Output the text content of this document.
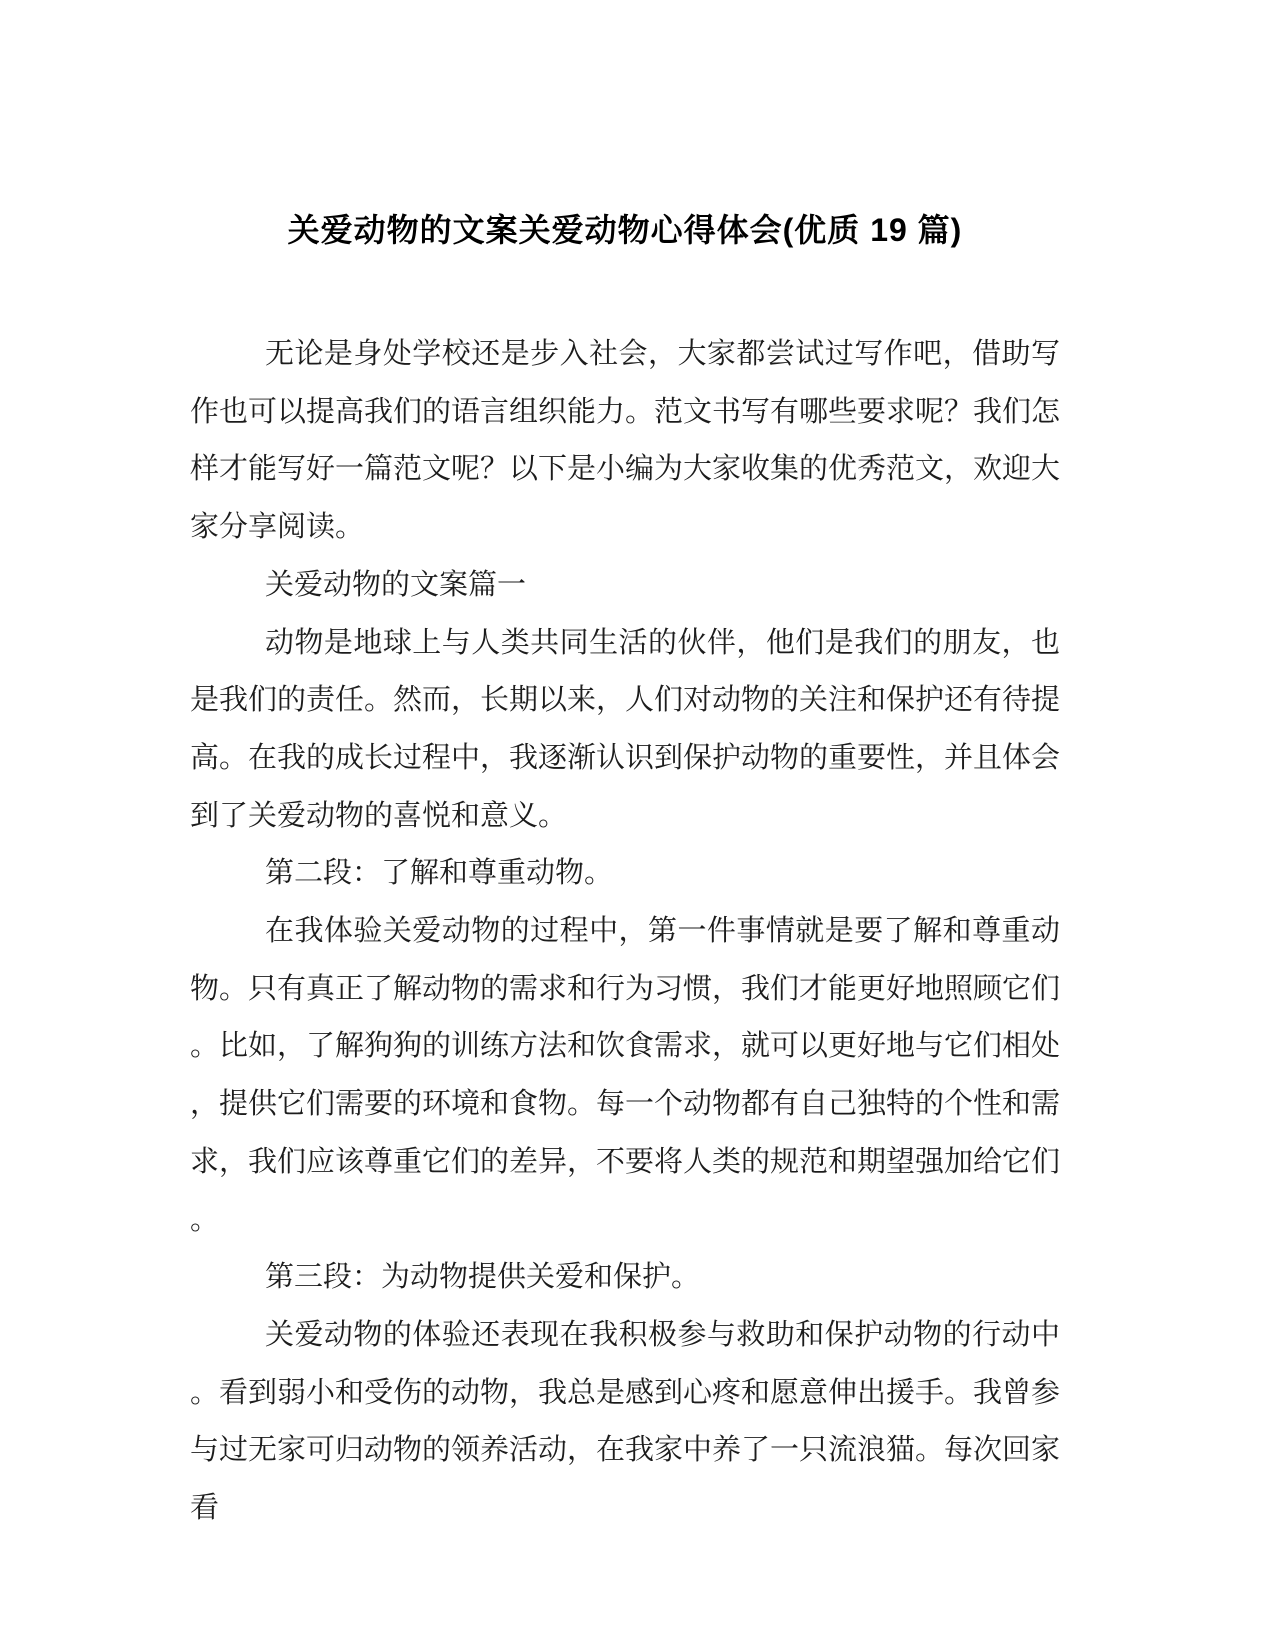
关爱动物的文案关爱动物心得体会(优质 19 篇)

无论是身处学校还是步入社会，大家都尝试过写作吧，借助写作也可以提高我们的语言组织能力。范文书写有哪些要求呢？我们怎样才能写好一篇范文呢？以下是小编为大家收集的优秀范文，欢迎大家分享阅读。

关爱动物的文案篇一

动物是地球上与人类共同生活的伙伴，他们是我们的朋友，也是我们的责任。然而，长期以来，人们对动物的关注和保护还有待提高。在我的成长过程中，我逐渐认识到保护动物的重要性，并且体会到了关爱动物的喜悦和意义。

第二段：了解和尊重动物。

在我体验关爱动物的过程中，第一件事情就是要了解和尊重动物。只有真正了解动物的需求和行为习惯，我们才能更好地照顾它们。比如，了解狗狗的训练方法和饮食需求，就可以更好地与它们相处，提供它们需要的环境和食物。每一个动物都有自己独特的个性和需求，我们应该尊重它们的差异，不要将人类的规范和期望强加给它们。

第三段：为动物提供关爱和保护。

关爱动物的体验还表现在我积极参与救助和保护动物的行动中。看到弱小和受伤的动物，我总是感到心疼和愿意伸出援手。我曾参与过无家可归动物的领养活动，在我家中养了一只流浪猫。每次回家看
